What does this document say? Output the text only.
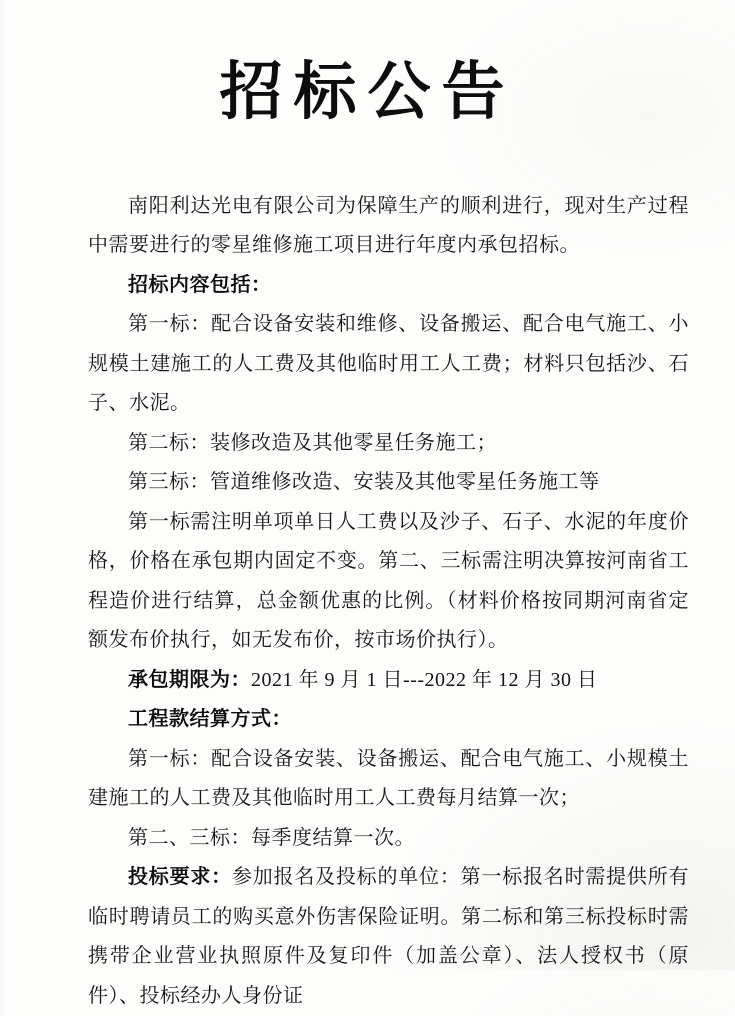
招标公告

南阳利达光电有限公司为保障生产的顺利进行，现对生产过程中需要进行的零星维修施工项目进行年度内承包招标。

招标内容包括：

第一标：配合设备安装和维修、设备搬运、配合电气施工、小规模土建施工的人工费及其他临时用工人工费；材料只包括沙、石子、水泥。

第二标：装修改造及其他零星任务施工；

第三标：管道维修改造、安装及其他零星任务施工等

第一标需注明单项单日人工费以及沙子、石子、水泥的年度价格，价格在承包期内固定不变。第二、三标需注明决算按河南省工程造价进行结算，总金额优惠的比例。（材料价格按同期河南省定额发布价执行，如无发布价，按市场价执行）。

承包期限为：2021 年 9 月 1 日---2022 年 12 月 30 日

工程款结算方式：

第一标：配合设备安装、设备搬运、配合电气施工、小规模土建施工的人工费及其他临时用工人工费每月结算一次；

第二、三标：每季度结算一次。

投标要求：参加报名及投标的单位：第一标报名时需提供所有临时聘请员工的购买意外伤害保险证明。第二标和第三标投标时需携带企业营业执照原件及复印件（加盖公章）、法人授权书（原件）、投标经办人身份证
